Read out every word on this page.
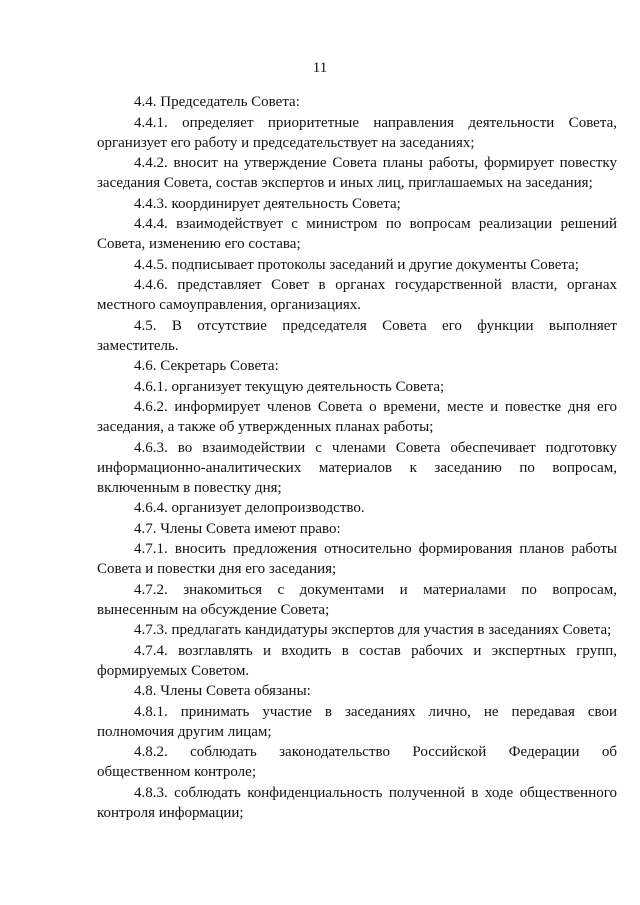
11

4.4. Председатель Совета:

4.4.1. определяет приоритетные направления деятельности Совета, организует его работу и председательствует на заседаниях;

4.4.2. вносит на утверждение Совета планы работы, формирует повестку заседания Совета, состав экспертов и иных лиц, приглашаемых на заседания;

4.4.3. координирует деятельность Совета;

4.4.4. взаимодействует с министром по вопросам реализации решений Совета, изменению его состава;

4.4.5. подписывает протоколы заседаний и другие документы Совета;

4.4.6. представляет Совет в органах государственной власти, органах местного самоуправления, организациях.

4.5. В отсутствие председателя Совета его функции выполняет заместитель.

4.6. Секретарь Совета:

4.6.1. организует текущую деятельность Совета;

4.6.2. информирует членов Совета о времени, месте и повестке дня его заседания, а также об утвержденных планах работы;

4.6.3. во взаимодействии с членами Совета обеспечивает подготовку информационно-аналитических материалов к заседанию по вопросам, включенным в повестку дня;

4.6.4. организует делопроизводство.

4.7. Члены Совета имеют право:

4.7.1. вносить предложения относительно формирования планов работы Совета и повестки дня его заседания;

4.7.2. знакомиться с документами и материалами по вопросам, вынесенным на обсуждение Совета;

4.7.3. предлагать кандидатуры экспертов для участия в заседаниях Совета;

4.7.4. возглавлять и входить в состав рабочих и экспертных групп, формируемых Советом.

4.8. Члены Совета обязаны:

4.8.1. принимать участие в заседаниях лично, не передавая свои полномочия другим лицам;

4.8.2. соблюдать законодательство Российской Федерации об общественном контроле;

4.8.3. соблюдать конфиденциальность полученной в ходе общественного контроля информации;
